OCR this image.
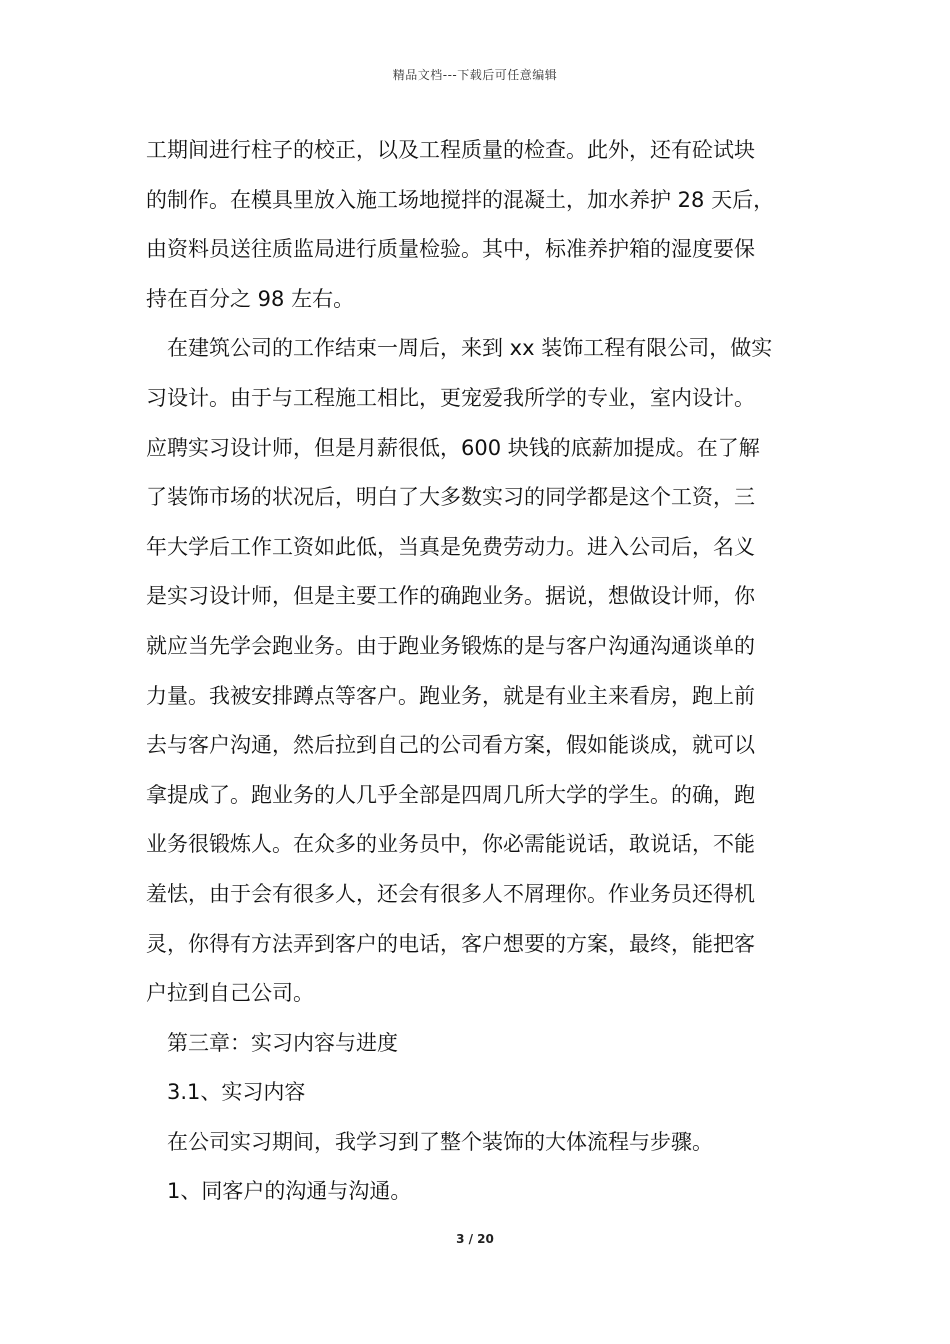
精品文档---下载后可任意编辑
工期间进行柱子的校正，以及工程质量的检查。此外，还有砼试块
的制作。在模具里放入施工场地搅拌的混凝土，加水养护 28 天后，
由资料员送往质监局进行质量检验。其中，标准养护箱的湿度要保
持在百分之 98 左右。
在建筑公司的工作结束一周后，来到 xx 装饰工程有限公司，做实
习设计。由于与工程施工相比，更宠爱我所学的专业，室内设计。
应聘实习设计师，但是月薪很低，600 块钱的底薪加提成。在了解
了装饰市场的状况后，明白了大多数实习的同学都是这个工资，三
年大学后工作工资如此低，当真是免费劳动力。进入公司后，名义
是实习设计师，但是主要工作的确跑业务。据说，想做设计师，你
就应当先学会跑业务。由于跑业务锻炼的是与客户沟通沟通谈单的
力量。我被安排蹲点等客户。跑业务，就是有业主来看房，跑上前
去与客户沟通，然后拉到自己的公司看方案，假如能谈成，就可以
拿提成了。跑业务的人几乎全部是四周几所大学的学生。的确，跑
业务很锻炼人。在众多的业务员中，你必需能说话，敢说话，不能
羞怯，由于会有很多人，还会有很多人不屑理你。作业务员还得机
灵，你得有方法弄到客户的电话，客户想要的方案，最终，能把客
户拉到自己公司。
第三章：实习内容与进度
3.1、实习内容
在公司实习期间，我学习到了整个装饰的大体流程与步骤。
1、同客户的沟通与沟通。
3 / 20
